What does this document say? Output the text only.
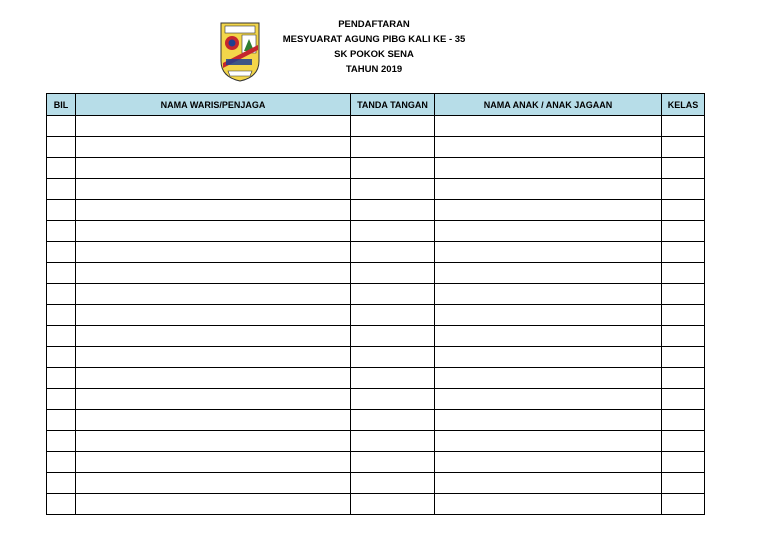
PENDAFTARAN
MESYUARAT AGUNG PIBG KALI KE - 35
SK POKOK SENA
TAHUN 2019
BIL	NAMA WARIS/PENJAGA	TANDA TANGAN	NAMA ANAK / ANAK JAGAAN	KELAS
